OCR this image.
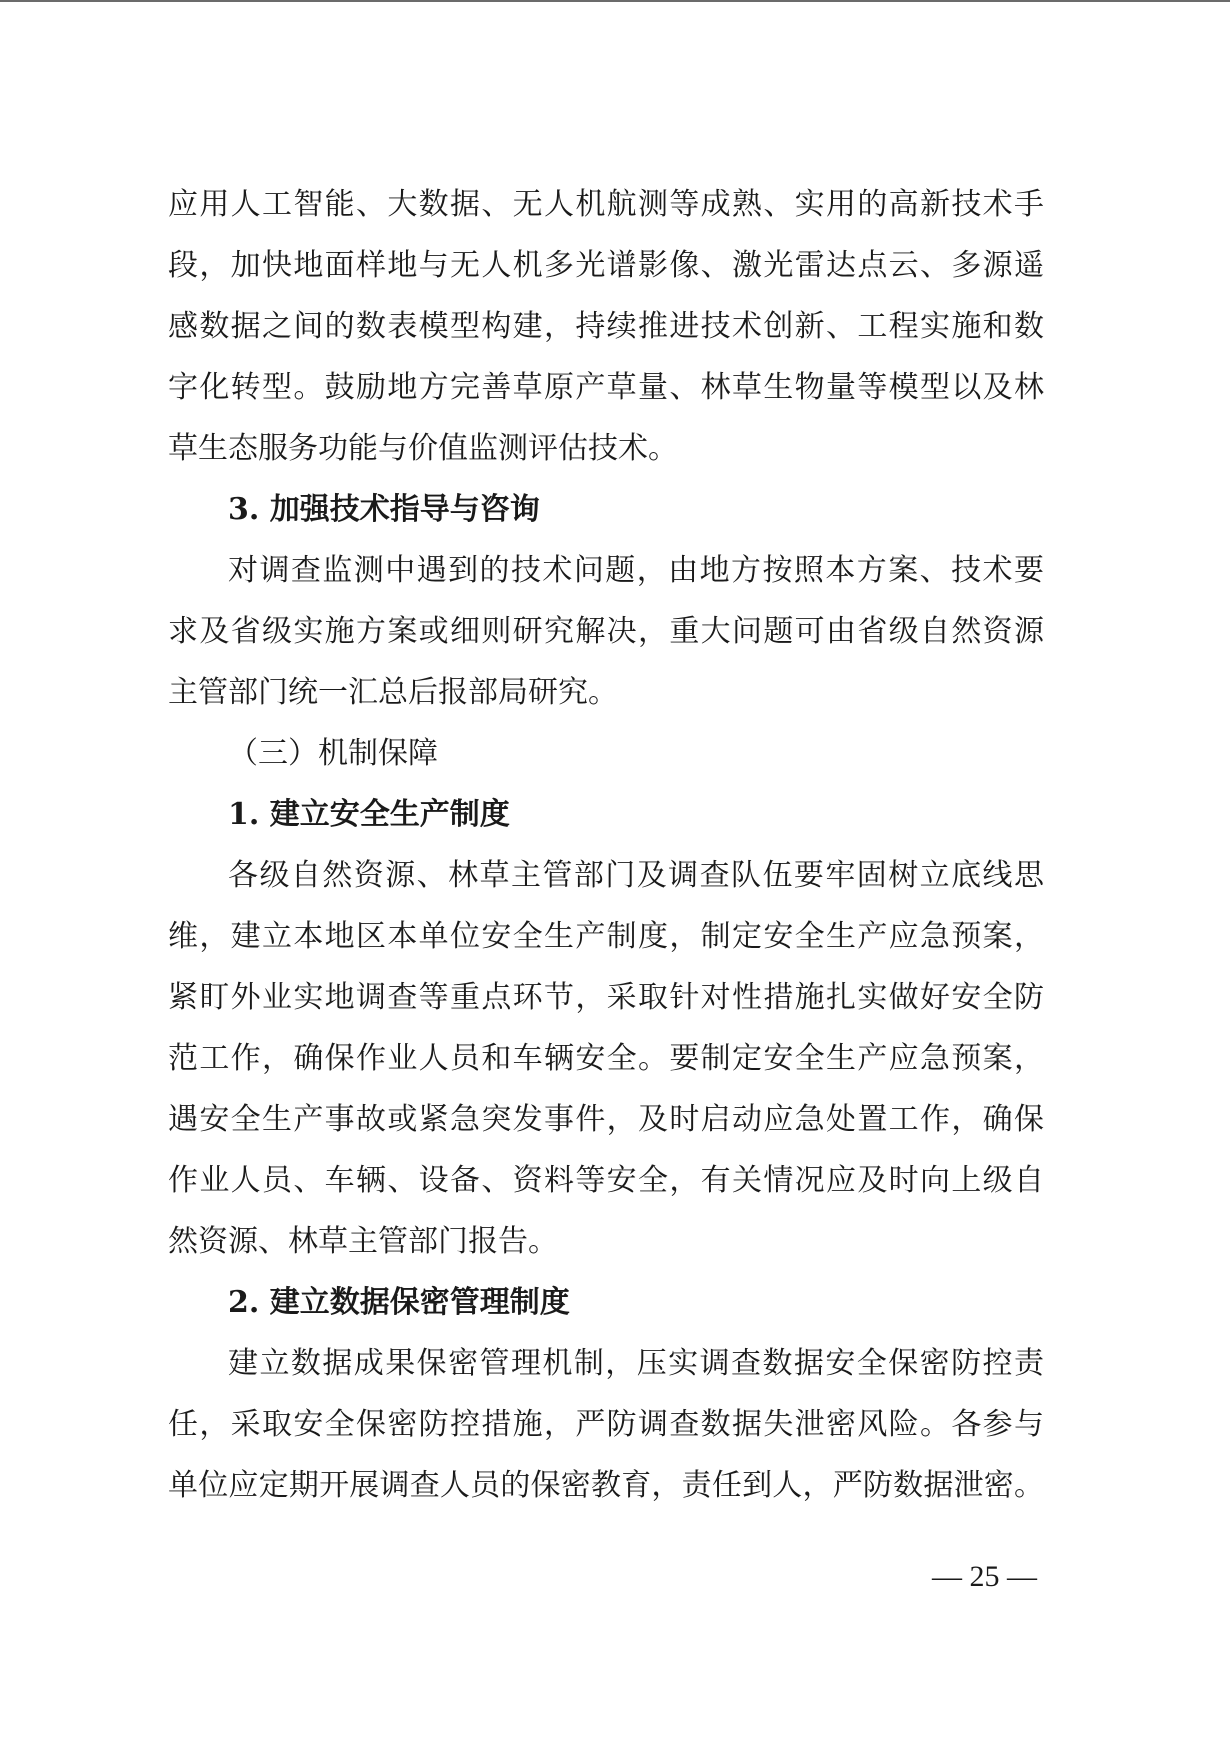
应用人工智能、大数据、无人机航测等成熟、实用的高新技术手
段，加快地面样地与无人机多光谱影像、激光雷达点云、多源遥
感数据之间的数表模型构建，持续推进技术创新、工程实施和数
字化转型。鼓励地方完善草原产草量、林草生物量等模型以及林
草生态服务功能与价值监测评估技术。
3. 加强技术指导与咨询
对调查监测中遇到的技术问题，由地方按照本方案、技术要
求及省级实施方案或细则研究解决，重大问题可由省级自然资源
主管部门统一汇总后报部局研究。
（三）机制保障
1. 建立安全生产制度
各级自然资源、林草主管部门及调查队伍要牢固树立底线思
维，建立本地区本单位安全生产制度，制定安全生产应急预案，
紧盯外业实地调查等重点环节，采取针对性措施扎实做好安全防
范工作，确保作业人员和车辆安全。要制定安全生产应急预案，
遇安全生产事故或紧急突发事件，及时启动应急处置工作，确保
作业人员、车辆、设备、资料等安全，有关情况应及时向上级自
然资源、林草主管部门报告。
2. 建立数据保密管理制度
建立数据成果保密管理机制，压实调查数据安全保密防控责
任，采取安全保密防控措施，严防调查数据失泄密风险。各参与
单位应定期开展调查人员的保密教育，责任到人，严防数据泄密。
— 25 —
